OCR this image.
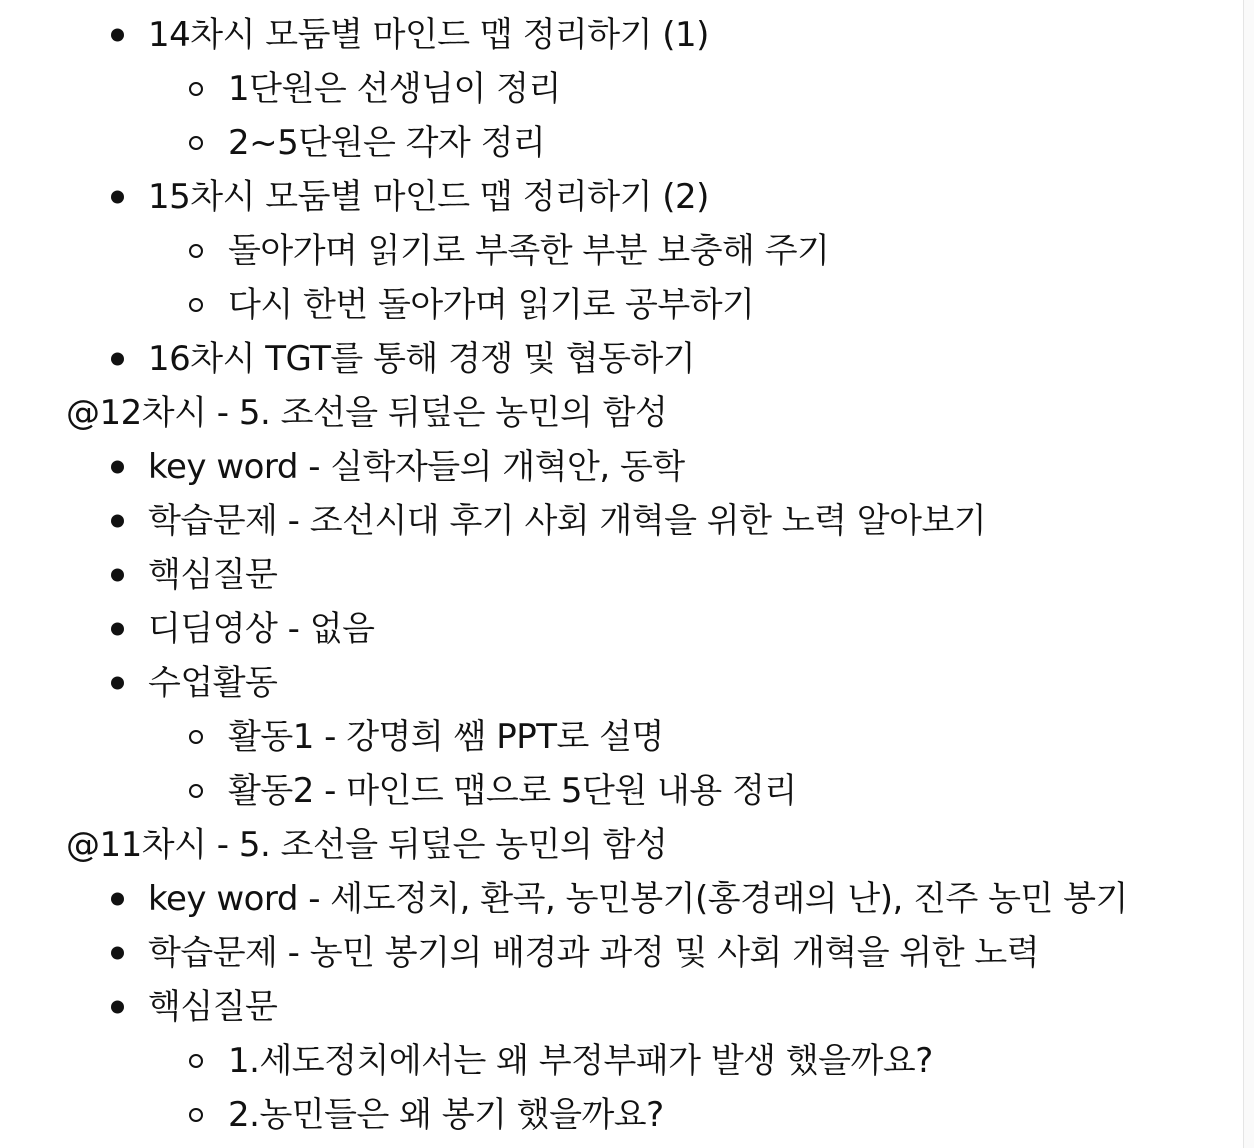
14차시 모둠별 마인드 맵 정리하기 (1)
1단원은 선생님이 정리
2~5단원은 각자 정리
15차시 모둠별 마인드 맵 정리하기 (2)
돌아가며 읽기로 부족한 부분 보충해 주기
다시 한번 돌아가며 읽기로 공부하기
16차시 TGT를 통해 경쟁 및 협동하기
@12차시 - 5. 조선을 뒤덮은 농민의 함성
key word - 실학자들의 개혁안, 동학
학습문제 - 조선시대 후기 사회 개혁을 위한 노력 알아보기
핵심질문
디딤영상 - 없음
수업활동
활동1 - 강명희 쌤 PPT로 설명
활동2 - 마인드 맵으로 5단원 내용 정리
@11차시 - 5. 조선을 뒤덮은 농민의 함성
key word - 세도정치, 환곡, 농민봉기(홍경래의 난), 진주 농민 봉기
학습문제 - 농민 봉기의 배경과 과정 및 사회 개혁을 위한 노력
핵심질문
1.세도정치에서는 왜 부정부패가 발생 했을까요?
2.농민들은 왜 봉기 했을까요?
